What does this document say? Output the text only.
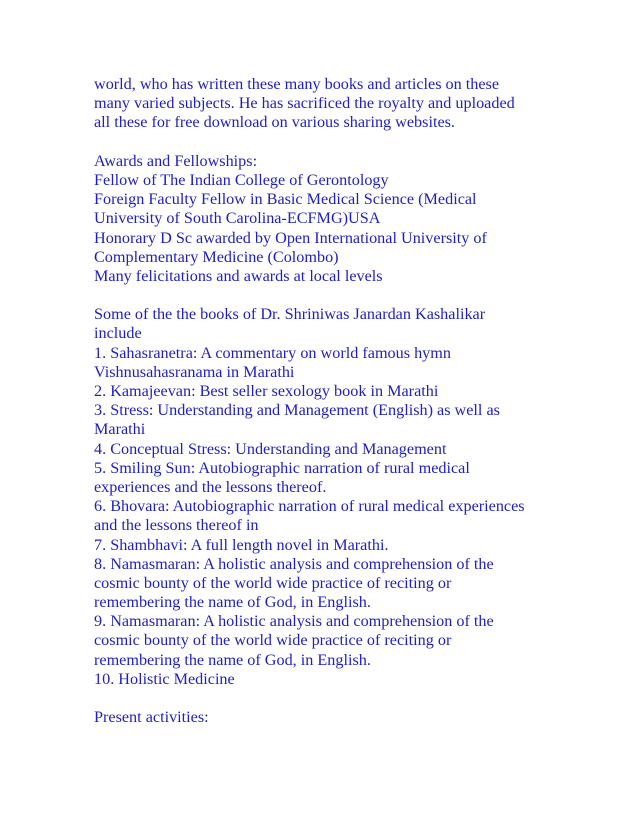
world, who has written these many books and articles on these
many varied subjects. He has sacrificed the royalty and uploaded
all these for free download on various sharing websites.
Awards and Fellowships:
Fellow of The Indian College of Gerontology
Foreign Faculty Fellow in Basic Medical Science (Medical
University of South Carolina-ECFMG)USA
Honorary D Sc awarded by Open International University of
Complementary Medicine (Colombo)
Many felicitations and awards at local levels
Some of the the books of Dr. Shriniwas Janardan Kashalikar
include
1. Sahasranetra: A commentary on world famous hymn
Vishnusahasranama in Marathi
2. Kamajeevan: Best seller sexology book in Marathi
3. Stress: Understanding and Management (English) as well as
Marathi
4. Conceptual Stress: Understanding and Management
5. Smiling Sun: Autobiographic narration of rural medical
experiences and the lessons thereof.
6. Bhovara: Autobiographic narration of rural medical experiences
and the lessons thereof in
7. Shambhavi: A full length novel in Marathi.
8. Namasmaran: A holistic analysis and comprehension of the
cosmic bounty of the world wide practice of reciting or
remembering the name of God, in English.
9. Namasmaran: A holistic analysis and comprehension of the
cosmic bounty of the world wide practice of reciting or
remembering the name of God, in English.
10. Holistic Medicine
Present activities:
